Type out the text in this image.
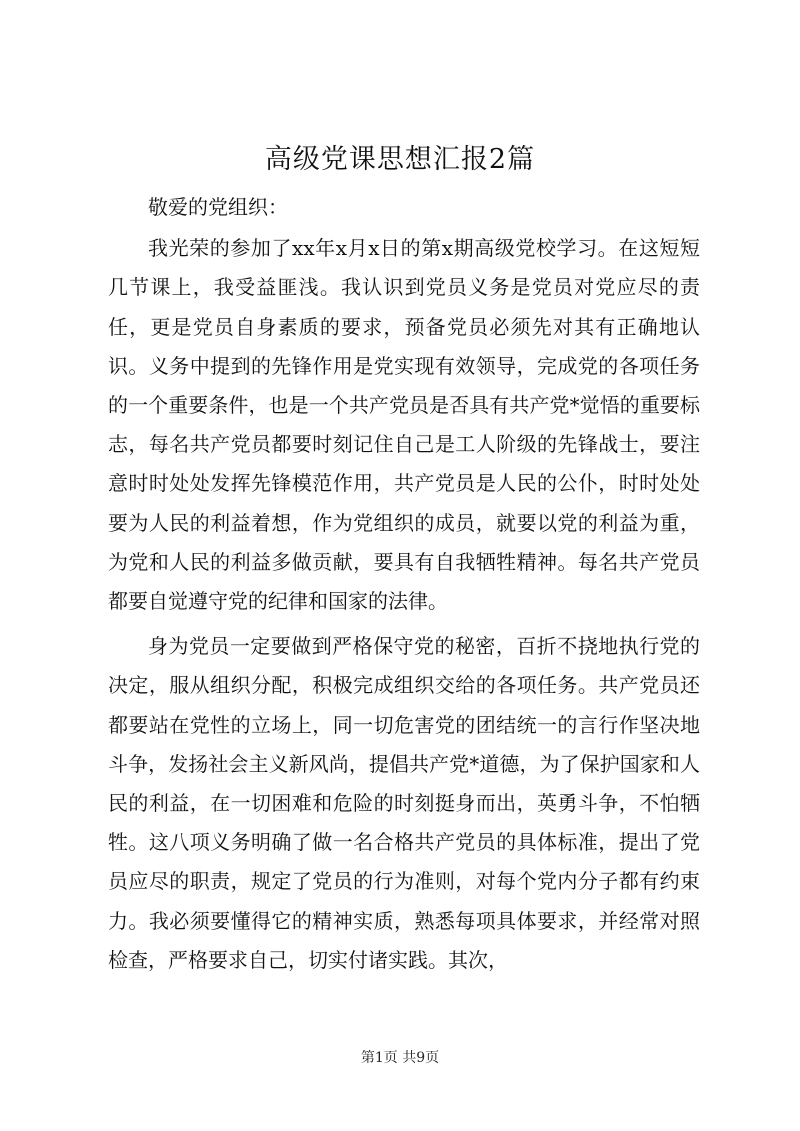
高级党课思想汇报2篇

敬爱的党组织：

我光荣的参加了xx年x月x日的第x期高级党校学习。在这短短几节课上，我受益匪浅。我认识到党员义务是党员对党应尽的责任，更是党员自身素质的要求，预备党员必须先对其有正确地认识。义务中提到的先锋作用是党实现有效领导，完成党的各项任务的一个重要条件，也是一个共产党员是否具有共产党*觉悟的重要标志，每名共产党员都要时刻记住自己是工人阶级的先锋战士，要注意时时处处发挥先锋模范作用，共产党员是人民的公仆，时时处处要为人民的利益着想，作为党组织的成员，就要以党的利益为重，为党和人民的利益多做贡献，要具有自我牺牲精神。每名共产党员都要自觉遵守党的纪律和国家的法律。

身为党员一定要做到严格保守党的秘密，百折不挠地执行党的决定，服从组织分配，积极完成组织交给的各项任务。共产党员还都要站在党性的立场上，同一切危害党的团结统一的言行作坚决地斗争，发扬社会主义新风尚，提倡共产党*道德，为了保护国家和人民的利益，在一切困难和危险的时刻挺身而出，英勇斗争，不怕牺牲。这八项义务明确了做一名合格共产党员的具体标准，提出了党员应尽的职责，规定了党员的行为准则，对每个党内分子都有约束力。我必须要懂得它的精神实质，熟悉每项具体要求，并经常对照检查，严格要求自己，切实付诸实践。其次，

第1页 共9页
